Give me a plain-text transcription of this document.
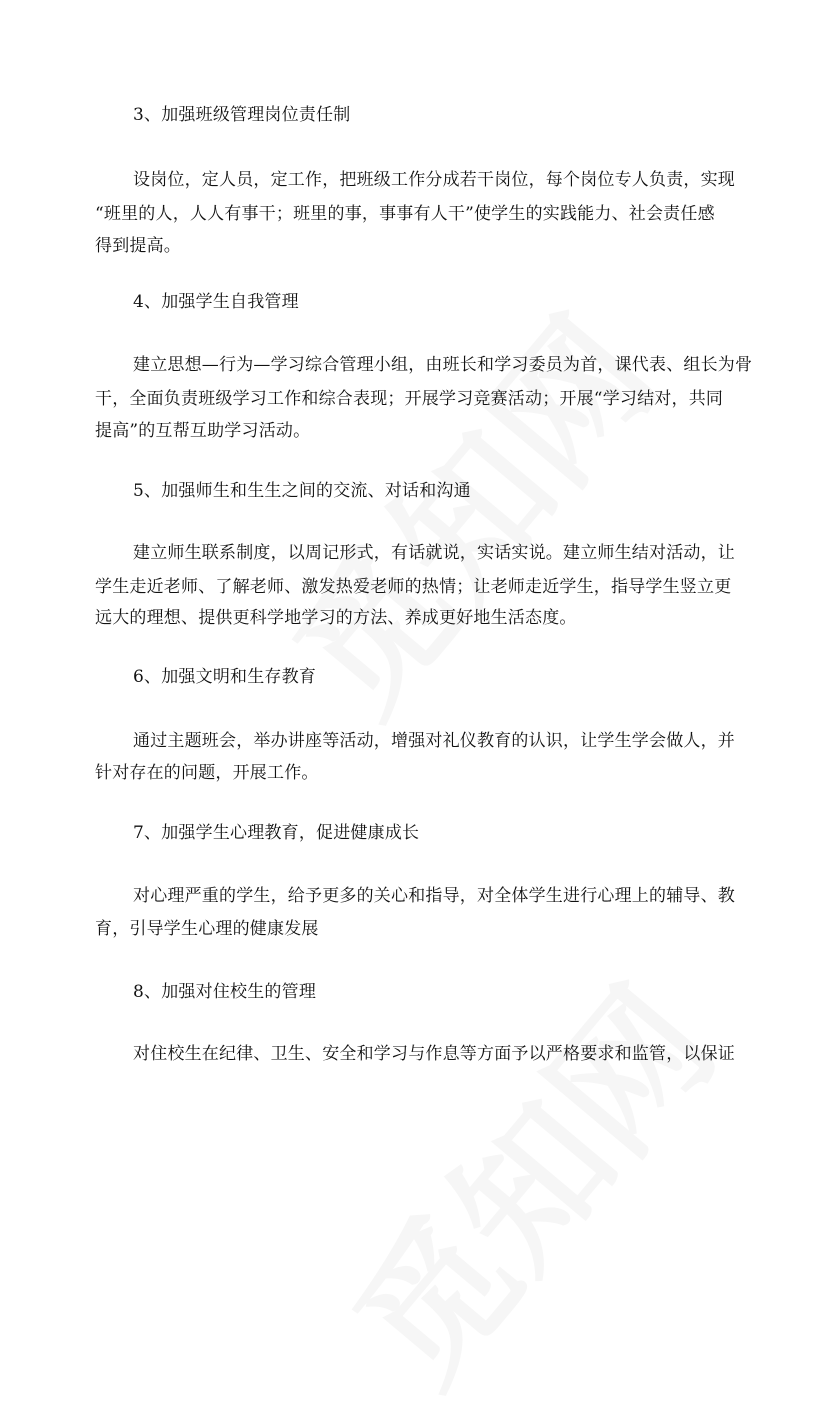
3、加强班级管理岗位责任制
设岗位，定人员，定工作，把班级工作分成若干岗位，每个岗位专人负责，实现
“班里的人，人人有事干；班里的事，事事有人干”使学生的实践能力、社会责任感
得到提高。
4、加强学生自我管理
建立思想—行为—学习综合管理小组，由班长和学习委员为首，课代表、组长为骨
干，全面负责班级学习工作和综合表现；开展学习竞赛活动；开展“学习结对，共同
提高”的互帮互助学习活动。
5、加强师生和生生之间的交流、对话和沟通
建立师生联系制度，以周记形式，有话就说，实话实说。建立师生结对活动，让
学生走近老师、了解老师、激发热爱老师的热情；让老师走近学生，指导学生竖立更
远大的理想、提供更科学地学习的方法、养成更好地生活态度。
6、加强文明和生存教育
通过主题班会，举办讲座等活动，增强对礼仪教育的认识，让学生学会做人，并
针对存在的问题，开展工作。
7、加强学生心理教育，促进健康成长
对心理严重的学生，给予更多的关心和指导，对全体学生进行心理上的辅导、教
育，引导学生心理的健康发展
8、加强对住校生的管理
对住校生在纪律、卫生、安全和学习与作息等方面予以严格要求和监管，以保证
